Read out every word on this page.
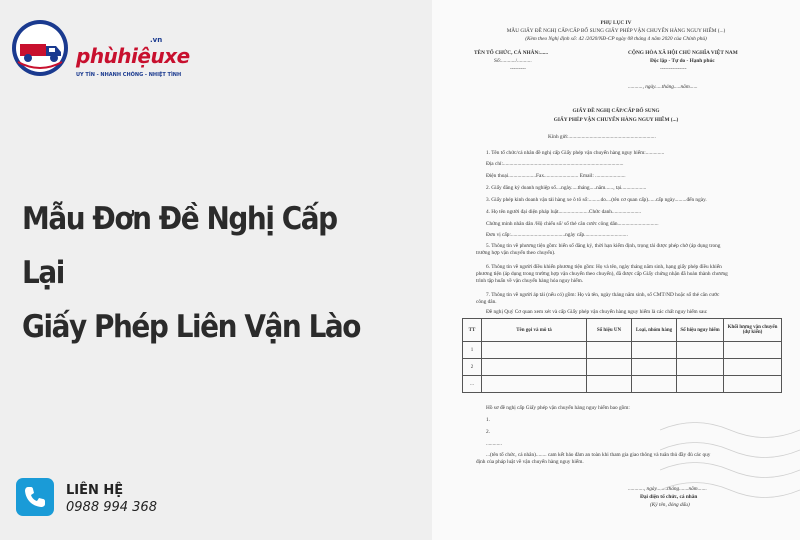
phùhiệuxe
.vn
UY TÍN - NHANH CHÓNG - NHIỆT TÌNH
Mẫu Đơn Đề Nghị Cấp Lại
Giấy Phép Liên Vận Lào
LIÊN HỆ
0988 994 368
PHỤ LỤC IV
MẪU GIẤY ĐỀ NGHỊ CẤP/CẤP BỔ SUNG GIẤY PHÉP VẬN CHUYỂN HÀNG NGUY HIỂM (...)
(Kèm theo Nghị định số: 42 /2020/NĐ-CP ngày 08 tháng 4 năm 2020 của Chính phủ)
TÊN TỔ CHỨC, CÁ NHÂN:......
Số:.........../...........
---------
CỘNG HÒA XÃ HỘI CHỦ NGHĨA VIỆT NAM
Độc lập - Tự do - Hạnh phúc
---------------
..........., ngày.....tháng.....năm......
GIẤY ĐỀ NGHỊ CẤP/CẤP BỔ SUNG
GIẤY PHÉP VẬN CHUYỂN HÀNG NGUY HIỂM (...)
Kính gửi:..................................................................
1. Tên tổ chức/cá nhân đề nghị cấp Giấy phép vận chuyển hàng nguy hiểm:..............
Địa chỉ:...........................................................................................
Điện thoại.....................Fax.......................... Email: .......................
2. Giấy đăng ký doanh nghiệp số....ngày.....tháng.....năm......, tại...................
3. Giấy phép kinh doanh vận tải hàng xe ô tô số:.........do....(tên cơ quan cấp)......cấp ngày.........đến ngày.
4. Họ tên người đại diện pháp luật.......................Chức danh......................
Chứng minh nhân dân /Hộ chiếu số/ số thẻ căn cước công dân...............................
Đơn vị cấp:.........................................ngày cấp.................................
5. Thông tin về phương tiện gồm: biển số đăng ký, thời hạn kiểm định, trọng tải được phép chở (áp dụng trong
trường hợp vận chuyển theo chuyến).
6. Thông tin về người điều khiển phương tiện gồm: Họ và tên, ngày tháng năm sinh, hạng giấy phép điều khiển
phương tiện (áp dụng trong trường hợp vận chuyển theo chuyến), đã được cấp Giấy chứng nhận đã hoàn thành chương
trình tập huấn về vận chuyển hàng hóa nguy hiểm.
7. Thông tin về người áp tải (nếu có) gồm: Họ và tên, ngày tháng năm sinh, số CMT/ND hoặc số thẻ căn cước
công dân.
Đề nghị Quý Cơ quan xem xét và cấp Giấy phép vận chuyển hàng nguy hiểm là các chất nguy hiểm sau:
TT	Tên gọi và mô tả	Số hiệu UN	Loại, nhóm hàng	Số hiệu nguy hiểm	Khối lượng vận chuyển (dự kiến)
1					
2					
...					
Hồ sơ đề nghị cấp Giấy phép vận chuyển hàng nguy hiểm bao gồm:
1.
2.
............
...(tên tổ chức, cá nhân)........ cam kết bảo đảm an toàn khi tham gia giao thông và tuân thủ đầy đủ các quy
định của pháp luật về vận chuyển hàng nguy hiểm.
............, ngày........tháng.......năm.......
Đại diện tổ chức, cá nhân
(Ký tên, đóng dấu)
